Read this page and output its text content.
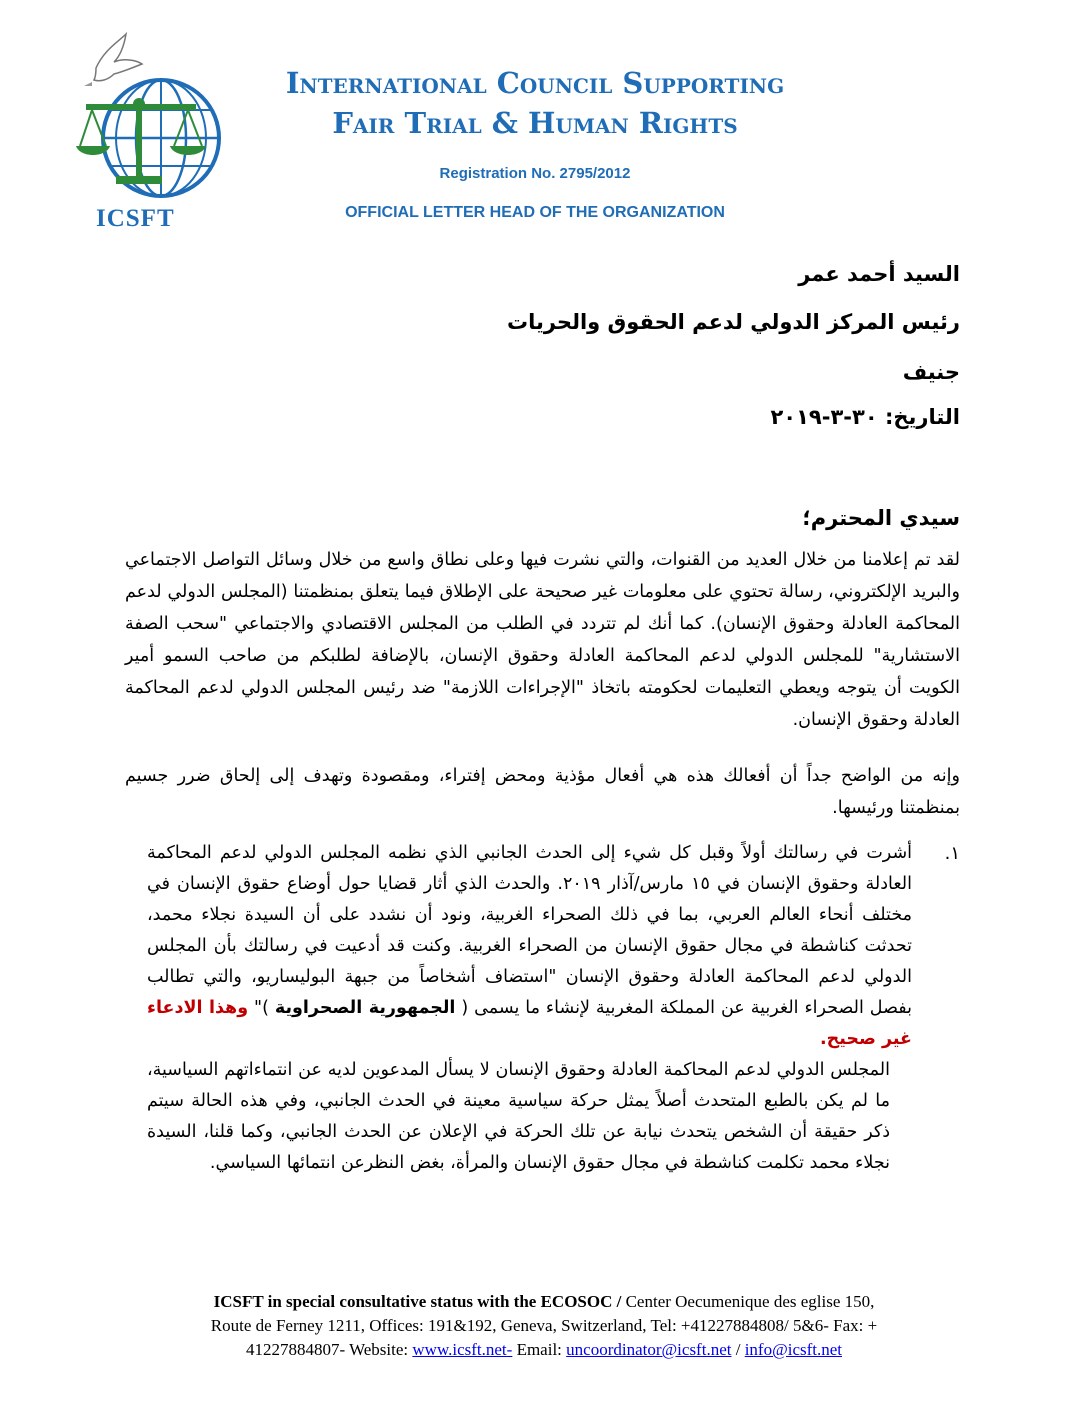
ICSFT
International Council Supporting
Fair Trial & Human Rights
Registration No. 2795/2012
OFFICIAL LETTER HEAD OF THE ORGANIZATION
السيد أحمد عمر
رئيس المركز الدولي لدعم الحقوق والحريات
جنيف
التاريخ: ٣٠-٣-٢٠١٩
سيدي المحترم؛
لقد تم إعلامنا من خلال العديد من القنوات، والتي نشرت فيها وعلى نطاق واسع من خلال وسائل التواصل الاجتماعي والبريد الإلكتروني، رسالة تحتوي على معلومات غير صحيحة على الإطلاق فيما يتعلق بمنظمتنا (المجلس الدولي لدعم المحاكمة العادلة وحقوق الإنسان). كما أنك لم تتردد في الطلب من المجلس الاقتصادي والاجتماعي "سحب الصفة الاستشارية" للمجلس الدولي لدعم المحاكمة العادلة وحقوق الإنسان، بالإضافة لطلبكم من صاحب السمو أمير الكويت أن يتوجه ويعطي التعليمات لحكومته باتخاذ "الإجراءات اللازمة" ضد رئيس المجلس الدولي لدعم المحاكمة العادلة وحقوق الإنسان.
وإنه من الواضح جداً أن أفعالك هذه هي أفعال مؤذية ومحض إفتراء، ومقصودة وتهدف إلى إلحاق ضرر جسيم بمنظمتنا ورئيسها.
١.
أشرت في رسالتك أولاً وقبل كل شيء إلى الحدث الجانبي الذي نظمه المجلس الدولي لدعم المحاكمة العادلة وحقوق الإنسان في ١٥ مارس/آذار ٢٠١٩. والحدث الذي أثار قضايا حول أوضاع حقوق الإنسان في مختلف أنحاء العالم العربي، بما في ذلك الصحراء الغربية، ونود أن نشدد على أن السيدة نجلاء محمد، تحدثت كناشطة في مجال حقوق الإنسان من الصحراء الغربية. وكنت قد أدعيت في رسالتك بأن المجلس الدولي لدعم المحاكمة العادلة وحقوق الإنسان "استضاف أشخاصاً من جبهة البوليساريو، والتي تطالب بفصل الصحراء الغربية عن المملكة المغربية لإنشاء ما يسمى ( الجمهورية الصحراوية )" وهذا الادعاء غير صحيح.
المجلس الدولي لدعم المحاكمة العادلة وحقوق الإنسان لا يسأل المدعوين لديه عن انتماءاتهم السياسية، ما لم يكن بالطبع المتحدث أصلاً يمثل حركة سياسية معينة في الحدث الجانبي، وفي هذه الحالة سيتم ذكر حقيقة أن الشخص يتحدث نيابة عن تلك الحركة في الإعلان عن الحدث الجانبي، وكما قلنا، السيدة نجلاء محمد تكلمت كناشطة في مجال حقوق الإنسان والمرأة، بغض النظرعن انتمائها السياسي.
ICSFT in special consultative status with the ECOSOC / Center Oecumenique des eglise 150,
Route de Ferney 1211, Offices: 191&192, Geneva, Switzerland, Tel: +41227884808/ 5&6- Fax: +
41227884807- Website: www.icsft.net- Email: uncoordinator@icsft.net / info@icsft.net
